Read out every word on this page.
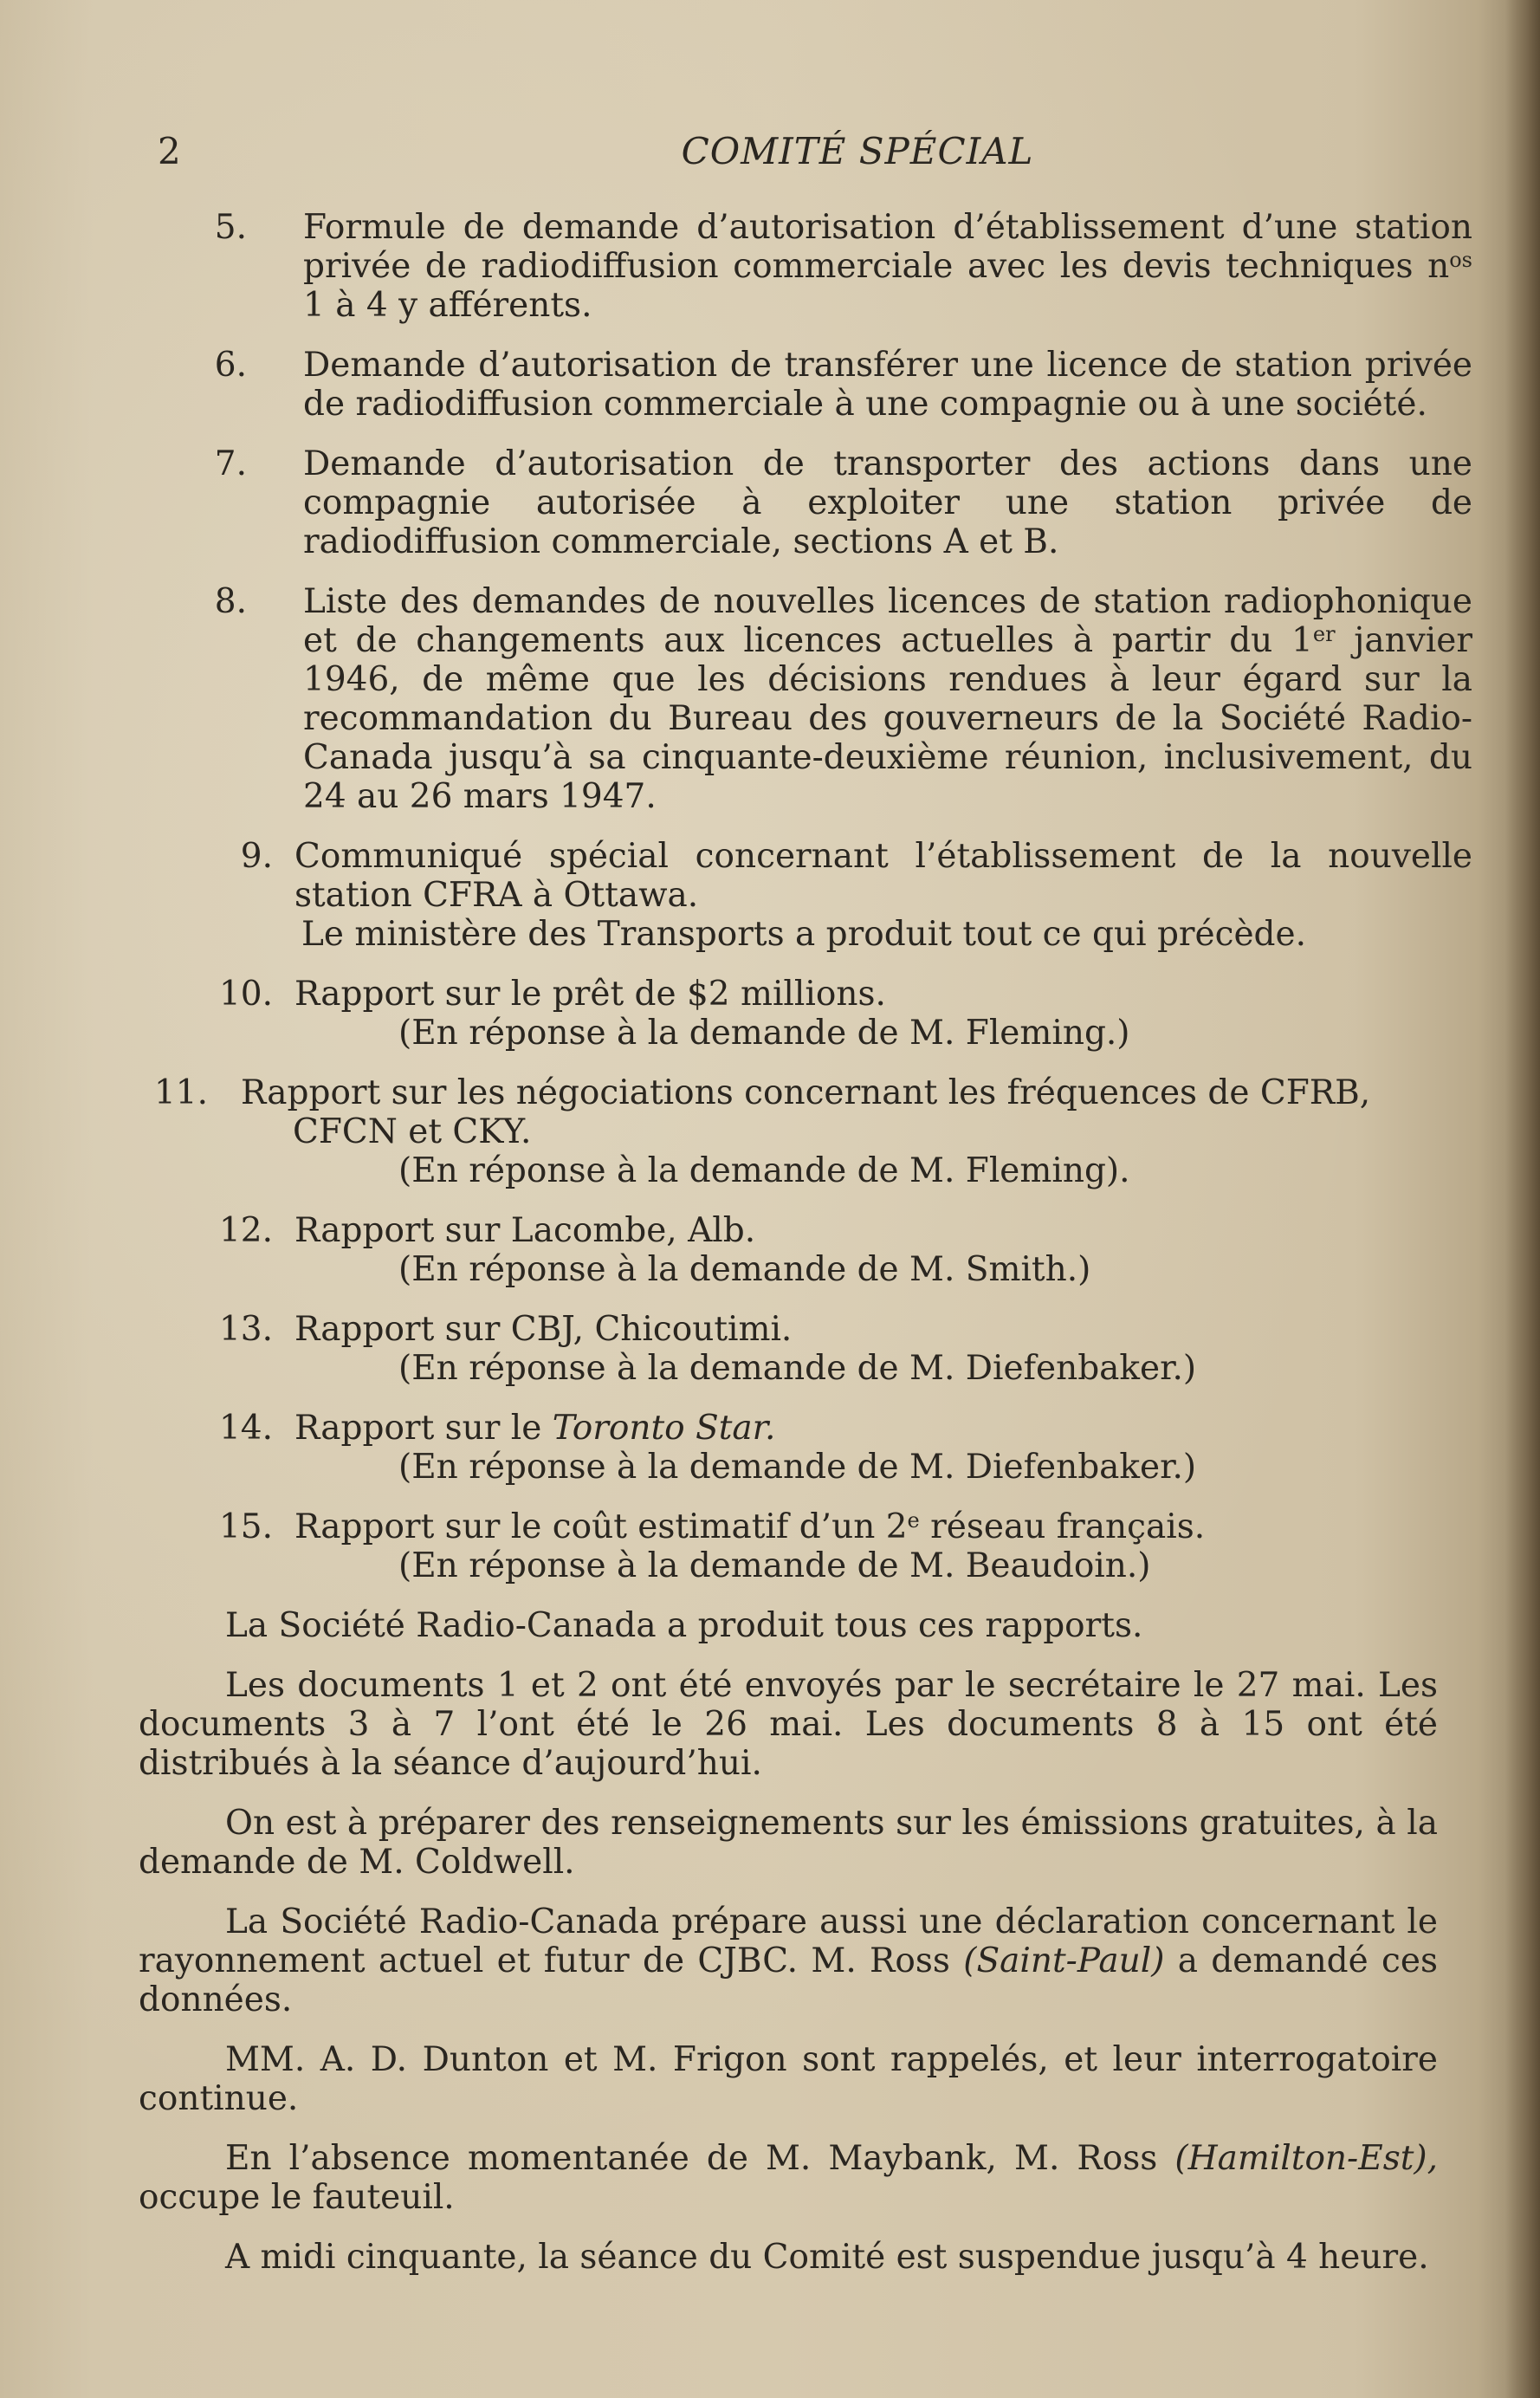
2	COMITÉ SPÉCIAL
5. Formule de demande d’autorisation d’établissement d’une station privée de radiodiffusion commerciale avec les devis techniques $n^{os}$ 1 à 4 y afférents.
6. Demande d’autorisation de transférer une licence de station privée de radiodiffusion commerciale à une compagnie ou à une société.
7. Demande d’autorisation de transporter des actions dans une compagnie autorisée à exploiter une station privée de radiodiffusion commerciale, sections A et B.
8. Liste des demandes de nouvelles licences de station radiophonique et de changements aux licences actuelles à partir du 1er janvier 1946, de même que les décisions rendues à leur égard sur la recommandation du Bureau des gouverneurs de la Société Radio-Canada jusqu’à sa cinquante-deuxième réunion, inclusivement, du 24 au 26 mars 1947.
9. Communiqué spécial concernant l’établissement de la nouvelle station CFRA à Ottawa.
Le ministère des Transports a produit tout ce qui précède.
10. Rapport sur le prêt de $2 millions.
(En réponse à la demande de M. Fleming.)
11. Rapport sur les négociations concernant les fréquences de CFRB,
CFCN et CKY.
(En réponse à la demande de M. Fleming).
12. Rapport sur Lacombe, Alb.
(En réponse à la demande de M. Smith.)
13. Rapport sur CBJ, Chicoutimi.
(En réponse à la demande de M. Diefenbaker.)
14. Rapport sur le Toronto Star.
(En réponse à la demande de M. Diefenbaker.)
15. Rapport sur le coût estimatif d’un 2e réseau français.
(En réponse à la demande de M. Beaudoin.)

La Société Radio-Canada a produit tous ces rapports.

Les documents 1 et 2 ont été envoyés par le secrétaire le 27 mai. Les documents 3 à 7 l’ont été le 26 mai. Les documents 8 à 15 ont été distribués à la séance d’aujourd’hui.

On est à préparer des renseignements sur les émissions gratuites, à la demande de M. Coldwell.

La Société Radio-Canada prépare aussi une déclaration concernant le rayonnement actuel et futur de CJBC. M. Ross (Saint-Paul) a demandé ces données.

MM. A. D. Dunton et M. Frigon sont rappelés, et leur interrogatoire continue.

En l’absence momentanée de M. Maybank, M. Ross (Hamilton-Est), occupe le fauteuil.

A midi cinquante, la séance du Comité est suspendue jusqu’à 4 heure.
